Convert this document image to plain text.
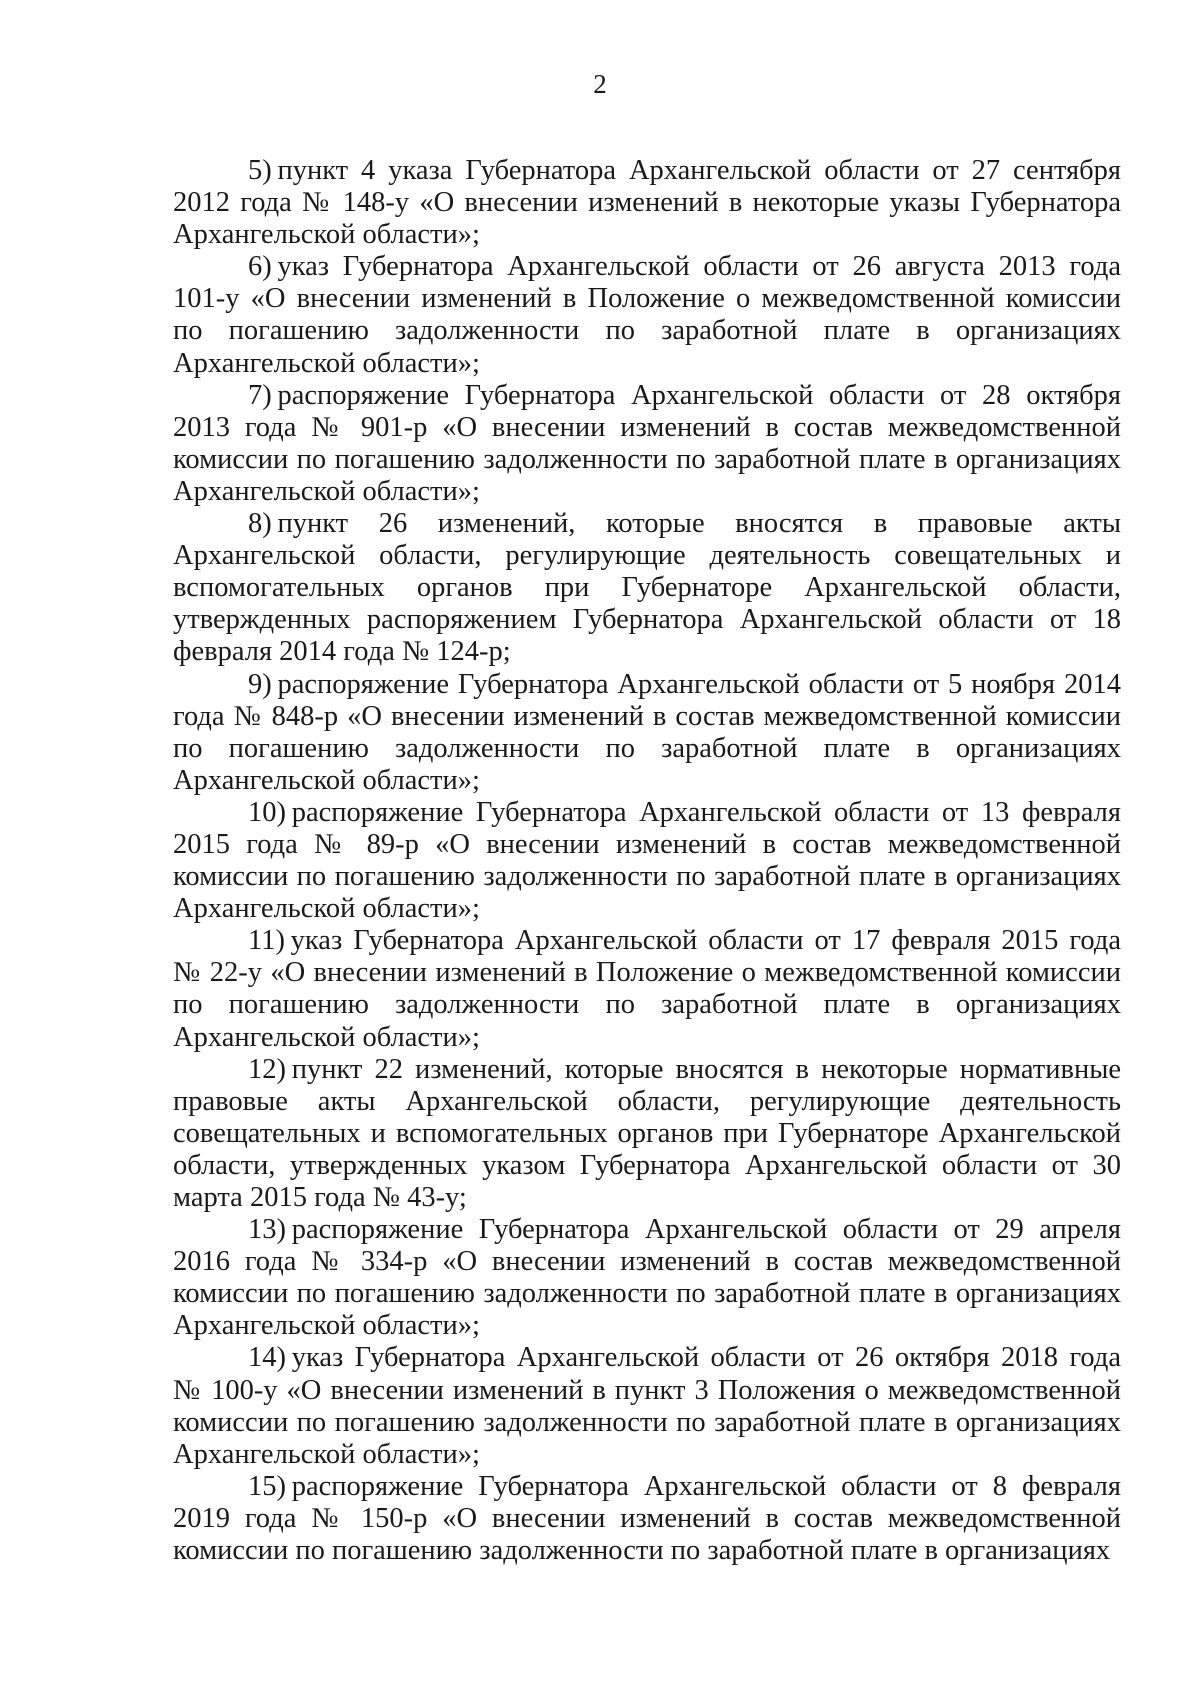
2

5) пункт 4 указа Губернатора Архангельской области от 27 сентября 2012 года № 148-у «О внесении изменений в некоторые указы Губернатора Архангельской области»;

6) указ Губернатора Архангельской области от 26 августа 2013 года 101-у «О внесении изменений в Положение о межведомственной комиссии по погашению задолженности по заработной плате в организациях Архангельской области»;

7) распоряжение Губернатора Архангельской области от 28 октября 2013 года № 901-р «О внесении изменений в состав межведомственной комиссии по погашению задолженности по заработной плате в организациях Архангельской области»;

8) пункт 26 изменений, которые вносятся в правовые акты Архангельской области, регулирующие деятельность совещательных и вспомогательных органов при Губернаторе Архангельской области, утвержденных распоряжением Губернатора Архангельской области от 18 февраля 2014 года № 124-р;

9) распоряжение Губернатора Архангельской области от 5 ноября 2014 года № 848-р «О внесении изменений в состав межведомственной комиссии по погашению задолженности по заработной плате в организациях Архангельской области»;

10) распоряжение Губернатора Архангельской области от 13 февраля 2015 года № 89-р «О внесении изменений в состав межведомственной комиссии по погашению задолженности по заработной плате в организациях Архангельской области»;

11) указ Губернатора Архангельской области от 17 февраля 2015 года № 22-у «О внесении изменений в Положение о межведомственной комиссии по погашению задолженности по заработной плате в организациях Архангельской области»;

12) пункт 22 изменений, которые вносятся в некоторые нормативные правовые акты Архангельской области, регулирующие деятельность совещательных и вспомогательных органов при Губернаторе Архангельской области, утвержденных указом Губернатора Архангельской области от 30 марта 2015 года № 43-у;

13) распоряжение Губернатора Архангельской области от 29 апреля 2016 года № 334-р «О внесении изменений в состав межведомственной комиссии по погашению задолженности по заработной плате в организациях Архангельской области»;

14) указ Губернатора Архангельской области от 26 октября 2018 года № 100-у «О внесении изменений в пункт 3 Положения о межведомственной комиссии по погашению задолженности по заработной плате в организациях Архангельской области»;

15) распоряжение Губернатора Архангельской области от 8 февраля 2019 года № 150-р «О внесении изменений в состав межведомственной комиссии по погашению задолженности по заработной плате в организациях
